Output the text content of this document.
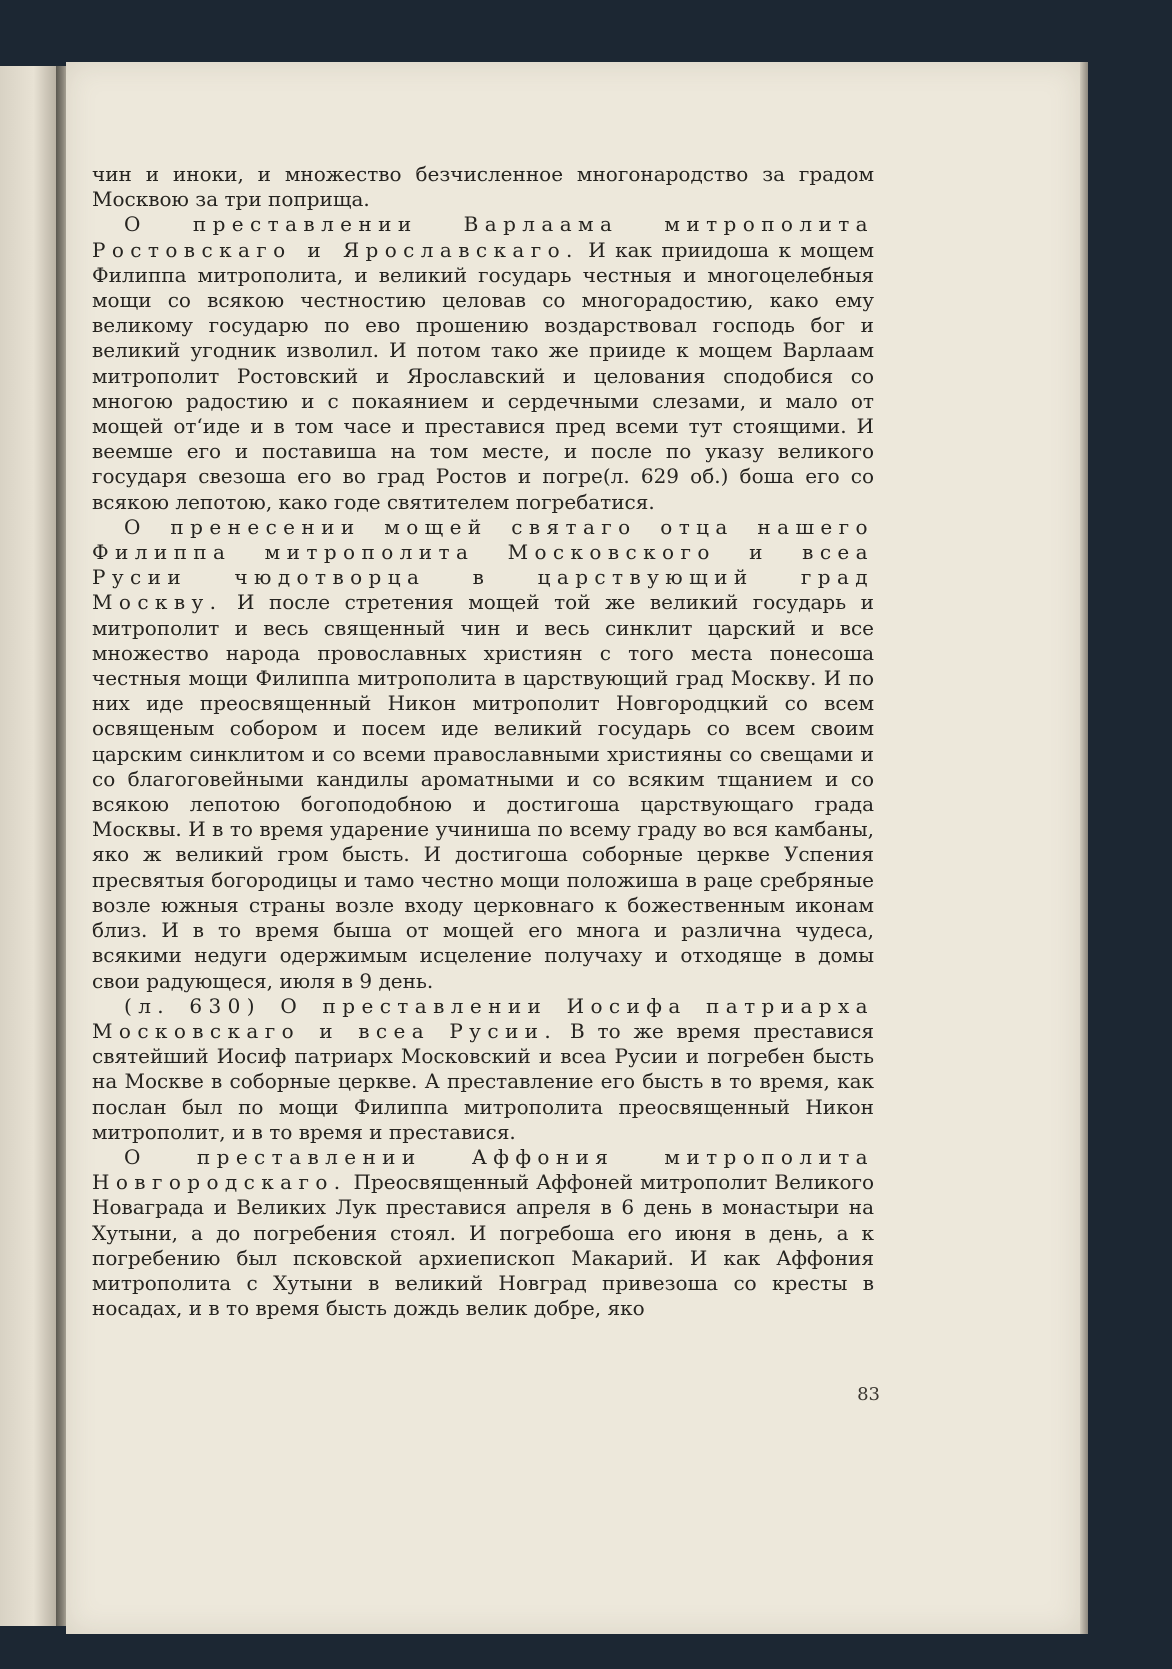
чин и иноки, и множество безчисленное многонародство за градом Москвою за три поприща.

О преставлении Варлаама митрополита Ростовскаго и Ярославскаго. И как приидоша к мощем Филиппа митрополита, и великий государь честныя и многоцелебныя мощи со всякою честностию целовав со многорадостию, како ему великому государю по ево прошению воздарствовал господь бог и великий угодник изволил. И потом тако же прииде к мощем Варлаам митрополит Ростовский и Ярославский и целования сподобися со многою радостию и с покаянием и сердечными слезами, и мало от мощей от‘иде и в том часе и преставися пред всеми тут стоящими. И веемше его и поставиша на том месте, и после по указу великого государя свезоша его во град Ростов и погре(л. 629 об.) боша его со всякою лепотою, како годе святителем погребатися.

О пренесении мощей святаго отца нашего Филиппа митрополита Московского и всеа Русии чюдотворца в царствующий град Москву. И после стретения мощей той же великий государь и митрополит и весь священный чин и весь синклит царский и все множество народа провославных християн с того места понесоша честныя мощи Филиппа митрополита в царствующий град Москву. И по них иде преосвященный Никон митрополит Новгородцкий со всем освященым собором и посем иде великий государь со всем своим царским синклитом и со всеми православными християны со свещами и со благоговейными кандилы ароматными и со всяким тщанием и со всякою лепотою богоподобною и достигоша царствующаго града Москвы. И в то время ударение учиниша по всему граду во вся камбаны, яко ж великий гром бысть. И достигоша соборные церкве Успения пресвятыя богородицы и тамо честно мощи положиша в раце сребряные возле южныя страны возле входу церковнаго к божественным иконам близ. И в то время быша от мощей его многа и различна чудеса, всякими недуги одержимым исцеление получаху и отходяще в домы свои радующеся, июля в 9 день.

(л. 630) О преставлении Иосифа патриарха Московскаго и всеа Русии. В то же время преставися святейший Иосиф патриарх Московский и всеа Русии и погребен бысть на Москве в соборные церкве. А преставление его бысть в то время, как послан был по мощи Филиппа митрополита преосвященный Никон митрополит, и в то время и преставися.

О преставлении Аффония митрополита Новгородскаго. Преосвященный Аффоней митрополит Великого Новаграда и Великих Лук преставися апреля в 6 день в монастыри на Хутыни, а до погребения стоял. И погребоша его июня в день, а к погребению был псковской архиепископ Макарий. И как Аффония митрополита с Хутыни в великий Новград привезоша со кресты в носадах, и в то время бысть дождь велик добре, яко

83
